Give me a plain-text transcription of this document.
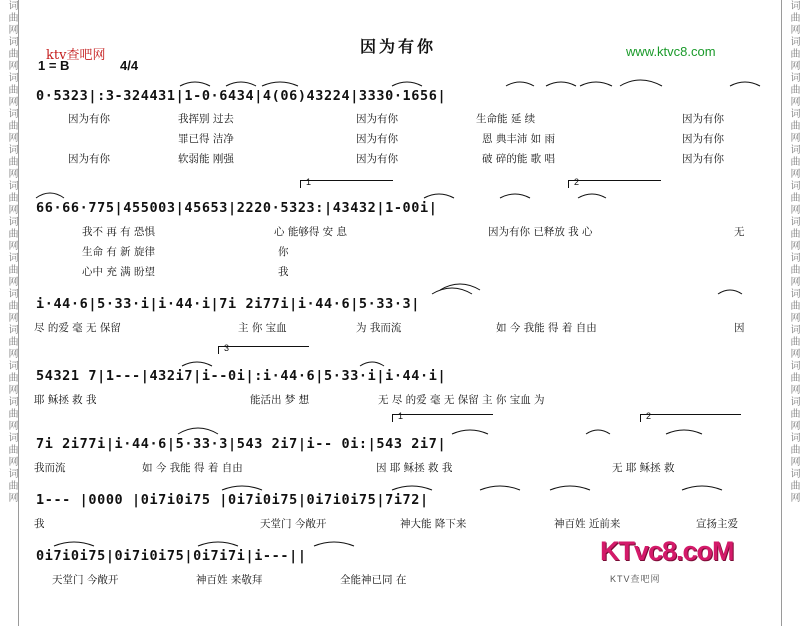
词曲网词曲网词曲网词曲网词曲网词曲网词曲网词曲网词曲网词曲网词曲网词曲网词曲网词曲网	词曲网词曲网词曲网词曲网词曲网词曲网词曲网词曲网词曲网词曲网词曲网词曲网词曲网词曲网
ktv查吧网	因为有你	www.ktvc8.com
1 = B	4/4
0·5323|:3-324431|1-0·6434|4(06)43224|3330·1656|
66·66·775|455003|45653|2220·5323:|43432|1-00i|
i·44·6|5·33·i|i·44·i|7i 2i77i|i·44·6|5·33·3|
54321 7|1---|432i7|i--0i|:i·44·6|5·33·i|i·44·i|
7i 2i77i|i·44·6|5·33·3|543 2i7|i-- 0i:|543 2i7|
1--- |0000 |0i7i0i75 |0i7i0i75|0i7i0i75|7i72|
0i7i0i75|0i7i0i75|0i7i7i|i---||
1	2
3
1	2
因为有你	我挥别 过去	因为有你	生命能 延 续	因为有你
罪已得 洁净	因为有你	恩 典丰沛 如 雨	因为有你
因为有你	软弱能 刚强	因为有你	破 碎的能 歌 唱	因为有你
我不 再 有 恐惧	心 能够得 安 息	因为有你 已释放 我 心	无
生命 有 新 旋律	你
心中 充 满 盼望	我
尽 的爱 毫 无 保留	主 你 宝血	为 我而流	如 今 我能 得 着 自由	因
耶 稣拯 救 我	能活出 梦 想	无 尽 的爱 毫 无 保留 主 你 宝血 为
我而流	如 今 我能 得 着 自由	因 耶 稣拯 救 我	无 耶 稣拯 救
我	天堂门 今敞开	神大能 降下来	神百姓 近前来	宣扬主爱
天堂门 今敞开	神百姓 来敬拜	全能神已同 在
KTvc8.coM
KTV查吧网
